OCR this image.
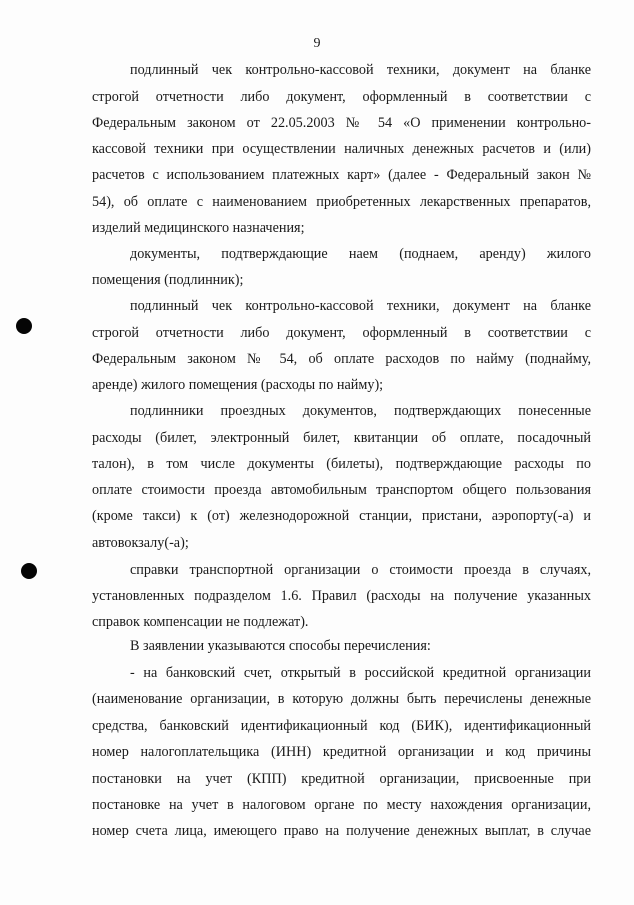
9
подлинный чек контрольно-кассовой техники, документ на бланке
строгой отчетности либо документ, оформленный в соответствии с
Федеральным законом от 22.05.2003 № 54 «О применении контрольно-
кассовой техники при осуществлении наличных денежных расчетов и (или)
расчетов с использованием платежных карт» (далее - Федеральный закон №
54), об оплате с наименованием приобретенных лекарственных препаратов,
изделий медицинского назначения;
документы, подтверждающие наем (поднаем, аренду) жилого
помещения (подлинник);
подлинный чек контрольно-кассовой техники, документ на бланке
строгой отчетности либо документ, оформленный в соответствии с
Федеральным законом № 54, об оплате расходов по найму (поднайму,
аренде) жилого помещения (расходы по найму);
подлинники проездных документов, подтверждающих понесенные
расходы (билет, электронный билет, квитанции об оплате, посадочный
талон), в том числе документы (билеты), подтверждающие расходы по
оплате стоимости проезда автомобильным транспортом общего пользования
(кроме такси) к (от) железнодорожной станции, пристани, аэропорту(-а) и
автовокзалу(-а);
справки транспортной организации о стоимости проезда в случаях,
установленных подразделом 1.6. Правил (расходы на получение указанных
справок компенсации не подлежат).
В заявлении указываются способы перечисления:
- на банковский счет, открытый в российской кредитной организации
(наименование организации, в которую должны быть перечислены денежные
средства, банковский идентификационный код (БИК), идентификационный
номер налогоплательщика (ИНН) кредитной организации и код причины
постановки на учет (КПП) кредитной организации, присвоенные при
постановке на учет в налоговом органе по месту нахождения организации,
номер счета лица, имеющего право на получение денежных выплат, в случае
